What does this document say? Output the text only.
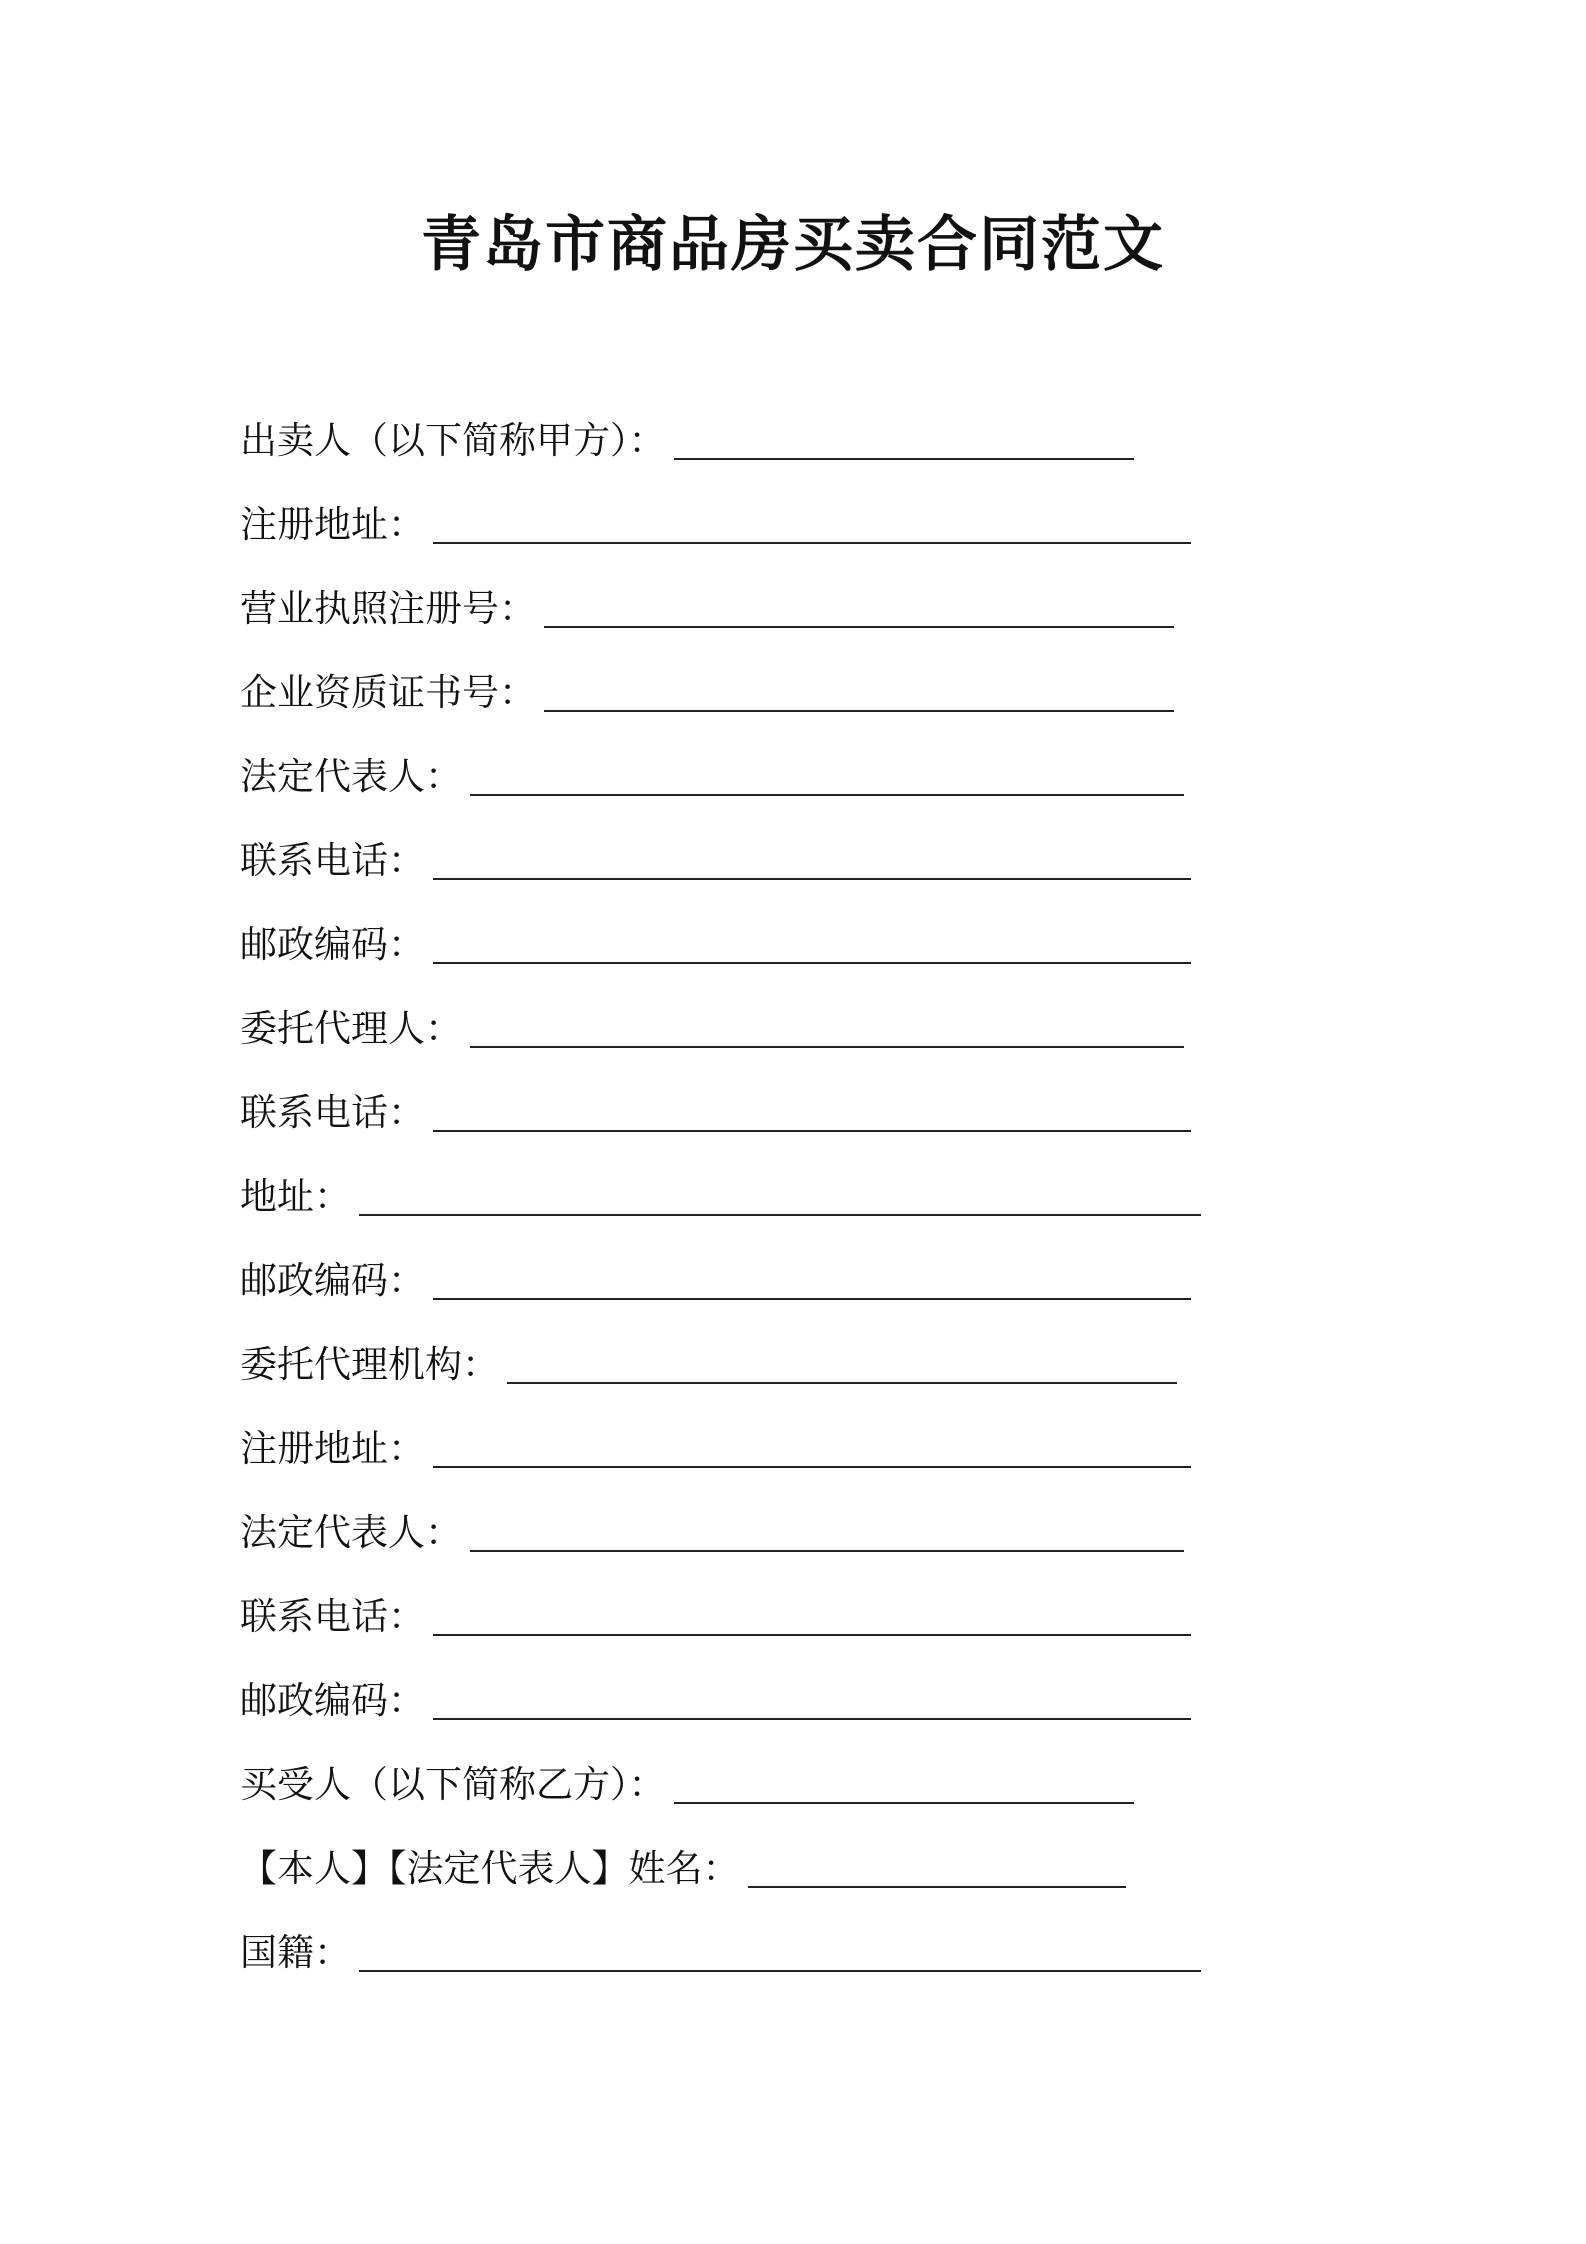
青岛市商品房买卖合同范文
出卖人（以下简称甲方）：
注册地址：
营业执照注册号：
企业资质证书号：
法定代表人：
联系电话：
邮政编码：
委托代理人：
联系电话：
地址：
邮政编码：
委托代理机构：
注册地址：
法定代表人：
联系电话：
邮政编码：
买受人（以下简称乙方）：
【本人】【法定代表人】姓名：
国籍：
